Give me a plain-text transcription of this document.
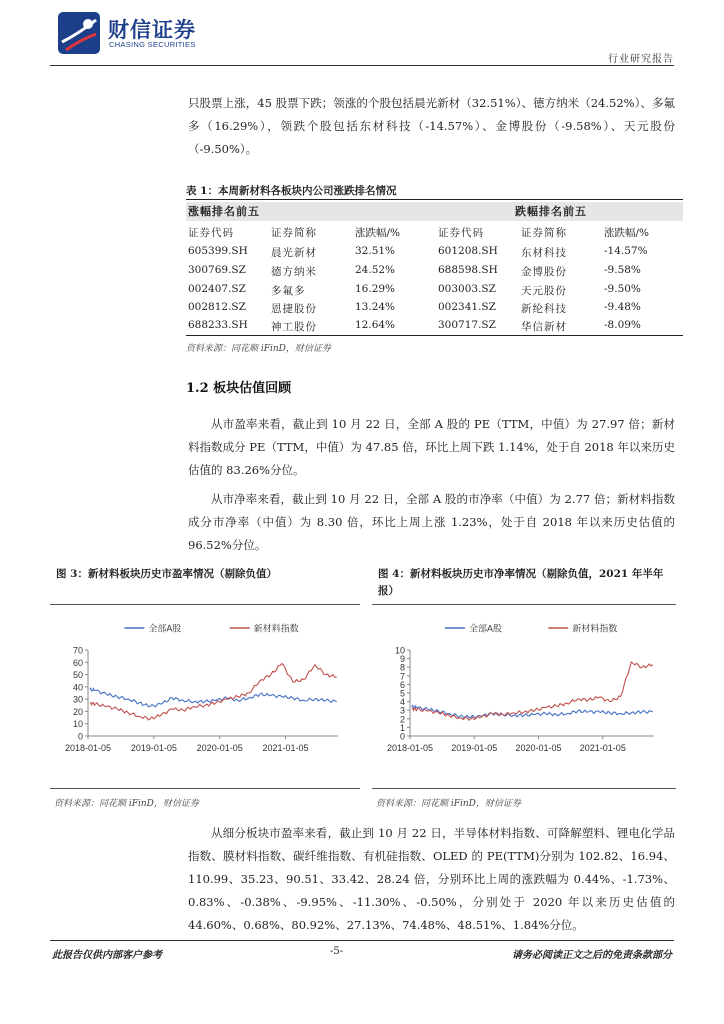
财信证券
CHASING SECURITIES
行业研究报告
只股票上涨，45 股票下跌；领涨的个股包括晨光新材（32.51%）、德方纳米（24.52%）、多氟多（16.29%），领跌个股包括东材科技（-14.57%）、金博股份（-9.58%）、天元股份（-9.50%）。
表 1：本周新材料各板块内公司涨跌排名情况
涨幅排名前五	跌幅排名前五
证券代码	证券简称	涨跌幅/%	证券代码	证券简称	涨跌幅/%
605399.SH 晨光新材	32.51%	601208.SH 东材科技	-14.57%
300769.SZ 德方纳米	24.52%	688598.SH 金博股份	-9.58%
002407.SZ 多氟多	16.29%	003003.SZ 天元股份	-9.50%
002812.SZ 恩捷股份	13.24%	002341.SZ 新纶科技	-9.48%
688233.SH 神工股份	12.64%	300717.SZ 华信新材	-8.09%
资料来源：同花顺 iFinD，财信证券
1.2 板块估值回顾
从市盈率来看，截止到 10 月 22 日，全部 A 股的 PE（TTM，中值）为 27.97 倍；新材料指数成分 PE（TTM，中值）为 47.85 倍，环比上周下跌 1.14%，处于自 2018 年以来历史估值的 83.26%分位。
从市净率来看，截止到 10 月 22 日，全部 A 股的市净率（中值）为 2.77 倍；新材料指数成分市净率（中值）为 8.30 倍，环比上周上涨 1.23%，处于自 2018 年以来历史估值的 96.52%分位。
图 3：新材料板块历史市盈率情况（剔除负值）	图 4：新材料板块历史市净率情况（剔除负值，2021 年半年报）
全部A股	新材料指数
0
10
20
30
40
50
60
70
2018-01-05 2019-01-05 2020-01-05 2021-01-05
全部A股	新材料指数
0
1
2
3
4
5
6
7
8
9
10
2018-01-05 2019-01-05 2020-01-05 2021-01-05
资料来源：同花顺 iFinD，财信证券	资料来源：同花顺 iFinD，财信证券
从细分板块市盈率来看，截止到 10 月 22 日，半导体材料指数、可降解塑料、锂电化学品指数、膜材料指数、碳纤维指数、有机硅指数、OLED 的 PE(TTM)分别为 102.82、16.94、110.99、35.23、90.51、33.42、28.24 倍，分别环比上周的涨跌幅为 0.44%、-1.73%、0.83%、-0.38%、-9.95%、-11.30%、-0.50%，分别处于 2020 年以来历史估值的 44.60%、0.68%、80.92%、27.13%、74.48%、48.51%、1.84%分位。
此报告仅供内部客户参考	-5-	请务必阅读正文之后的免责条款部分
